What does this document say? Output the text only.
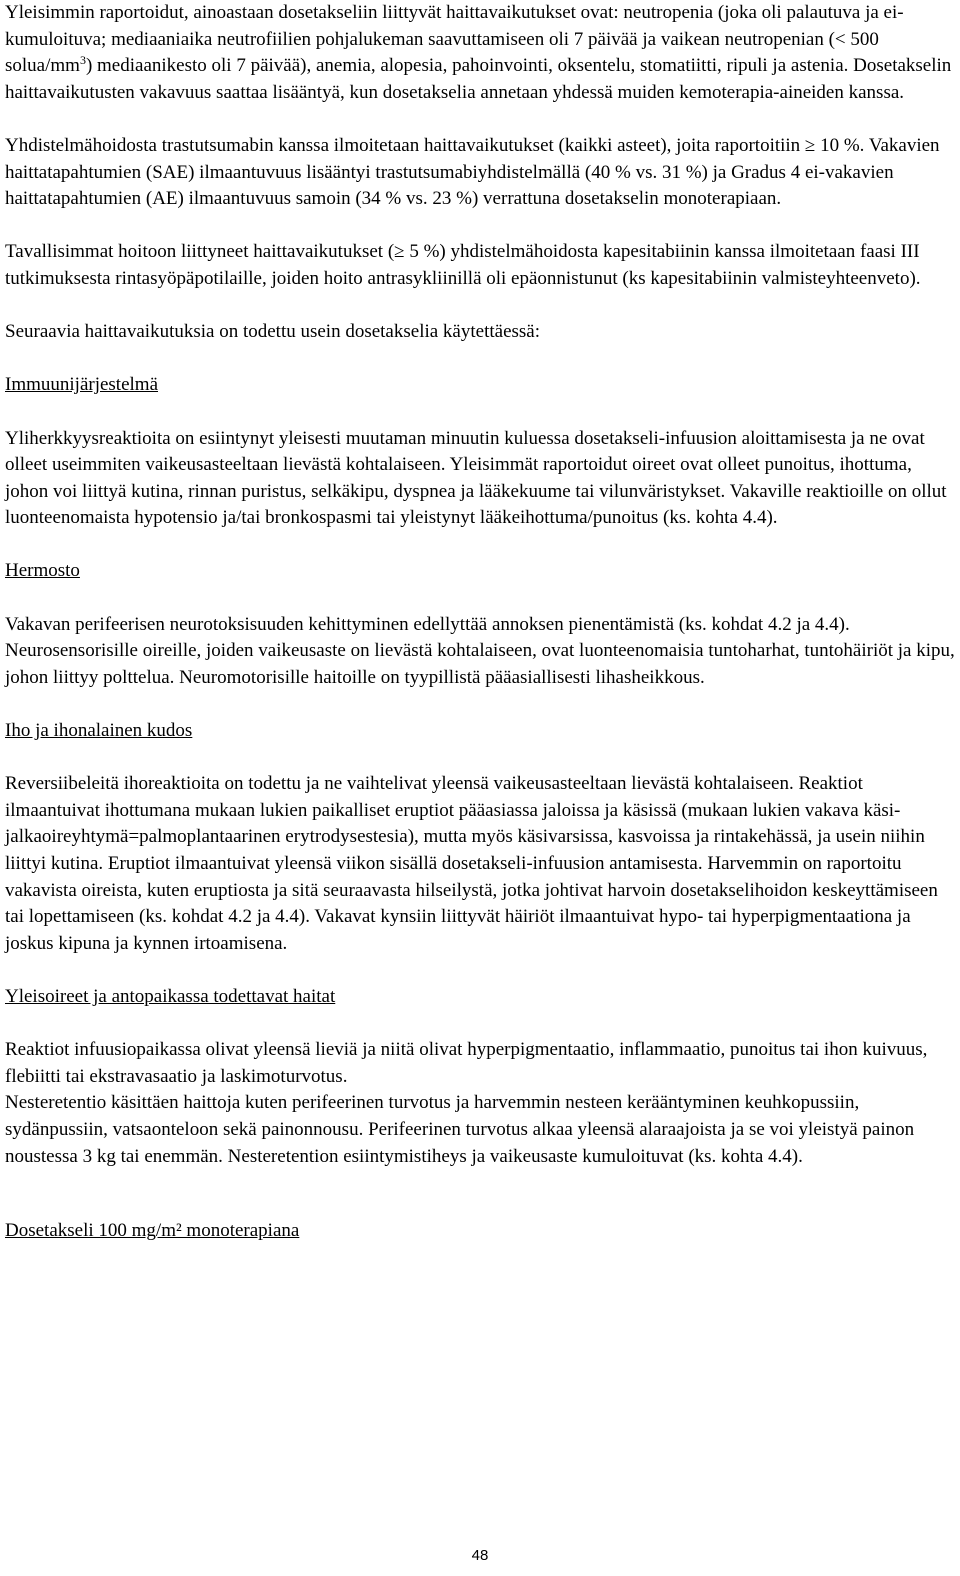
Yleisimmin raportoidut, ainoastaan dosetakseliin liittyvät haittavaikutukset ovat: neutropenia (joka oli palautuva ja ei-kumuloituva; mediaaniaika neutrofiilien pohjalukeman saavuttamiseen oli 7 päivää ja vaikean neutropenian (< 500 solua/$mm^3$) mediaanikesto oli 7 päivää), anemia, alopesia, pahoinvointi, oksentelu, stomatiitti, ripuli ja astenia. Dosetakselin haittavaikutusten vakavuus saattaa lisääntyä, kun dosetakselia annetaan yhdessä muiden kemoterapia-aineiden kanssa.

Yhdistelmähoidosta trastutsumabin kanssa ilmoitetaan haittavaikutukset (kaikki asteet), joita raportoitiin ≥ 10 %. Vakavien haittatapahtumien (SAE) ilmaantuvuus lisääntyi trastutsumabiyhdistelmällä (40 % vs. 31 %) ja Gradus 4 ei-vakavien haittatapahtumien (AE) ilmaantuvuus samoin (34 % vs. 23 %) verrattuna dosetakselin monoterapiaan.

Tavallisimmat hoitoon liittyneet haittavaikutukset (≥ 5 %) yhdistelmähoidosta kapesitabiinin kanssa ilmoitetaan faasi III tutkimuksesta rintasyöpäpotilaille, joiden hoito antrasykliinillä oli epäonnistunut (ks kapesitabiinin valmisteyhteenveto).

Seuraavia haittavaikutuksia on todettu usein dosetakselia käytettäessä:

Immuunijärjestelmä

Yliherkkyysreaktioita on esiintynyt yleisesti muutaman minuutin kuluessa dosetakseli-infuusion aloittamisesta ja ne ovat olleet useimmiten vaikeusasteeltaan lievästä kohtalaiseen. Yleisimmät raportoidut oireet ovat olleet punoitus, ihottuma, johon voi liittyä kutina, rinnan puristus, selkäkipu, dyspnea ja lääkekuume tai vilunväristykset. Vakaville reaktioille on ollut luonteenomaista hypotensio ja/tai bronkospasmi tai yleistynyt lääkeihottuma/punoitus (ks. kohta 4.4).

Hermosto

Vakavan perifeerisen neurotoksisuuden kehittyminen edellyttää annoksen pienentämistä (ks. kohdat 4.2 ja 4.4). Neurosensorisille oireille, joiden vaikeusaste on lievästä kohtalaiseen, ovat luonteenomaisia tuntoharhat, tuntohäiriöt ja kipu, johon liittyy polttelua. Neuromotorisille haitoille on tyypillistä pääasiallisesti lihasheikkous.

Iho ja ihonalainen kudos

Reversiibeleitä ihoreaktioita on todettu ja ne vaihtelivat yleensä vaikeusasteeltaan lievästä kohtalaiseen. Reaktiot ilmaantuivat ihottumana mukaan lukien paikalliset eruptiot pääasiassa jaloissa ja käsissä (mukaan lukien vakava käsi-jalkaoireyhtymä=palmoplantaarinen erytrodysestesia), mutta myös käsivarsissa, kasvoissa ja rintakehässä, ja usein niihin liittyi kutina. Eruptiot ilmaantuivat yleensä viikon sisällä dosetakseli-infuusion antamisesta. Harvemmin on raportoitu vakavista oireista, kuten eruptiosta ja sitä seuraavasta hilseilystä, jotka johtivat harvoin dosetakselihoidon keskeyttämiseen tai lopettamiseen (ks. kohdat 4.2 ja 4.4). Vakavat kynsiin liittyvät häiriöt ilmaantuivat hypo- tai hyperpigmentaationa ja joskus kipuna ja kynnen irtoamisena.

Yleisoireet ja antopaikassa todettavat haitat

Reaktiot infuusiopaikassa olivat yleensä lieviä ja niitä olivat hyperpigmentaatio, inflammaatio, punoitus tai ihon kuivuus, flebiitti tai ekstravasaatio ja laskimoturvotus.

Nesteretentio käsittäen haittoja kuten perifeerinen turvotus ja harvemmin nesteen kerääntyminen keuhkopussiin, sydänpussiin, vatsaonteloon sekä painonnousu. Perifeerinen turvotus alkaa yleensä alaraajoista ja se voi yleistyä painon noustessa 3 kg tai enemmän. Nesteretention esiintymistiheys ja vaikeusaste kumuloituvat (ks. kohta 4.4).

Dosetakseli 100 mg/m² monoterapiana

48
